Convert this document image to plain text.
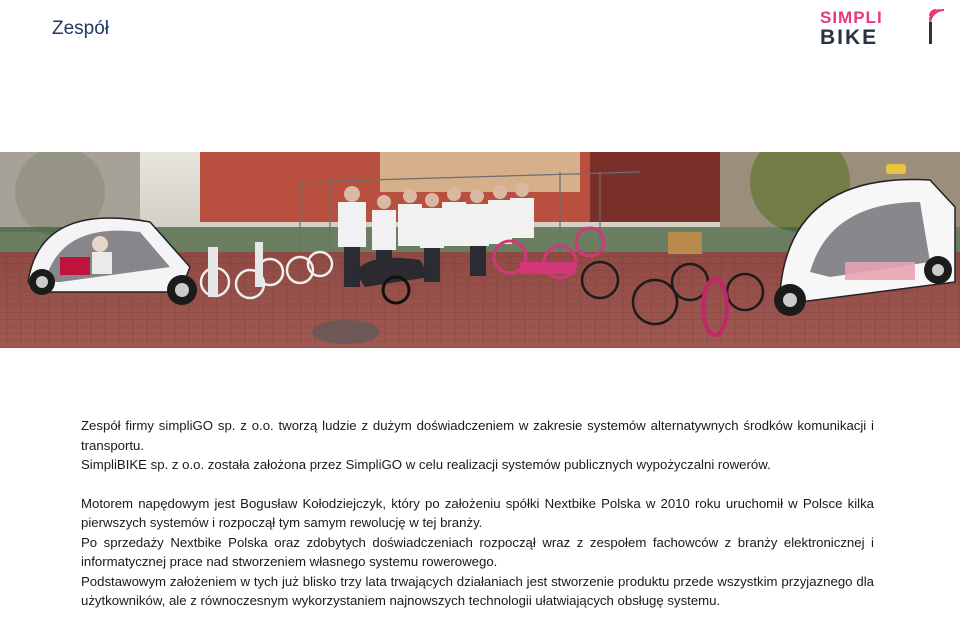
Zespół
SIMPLI
BIKE

Zespół firmy simpliGO sp. z o.o. tworzą ludzie z dużym doświadczeniem w zakresie systemów alternatywnych środków komunikacji i transportu.

SimpliBIKE sp. z o.o. została założona przez SimpliGO w celu realizacji systemów publicznych wypożyczalni rowerów.

Motorem napędowym jest Bogusław Kołodziejczyk, który po założeniu spółki Nextbike Polska w 2010 roku uruchomił w Polsce kilka pierwszych systemów i rozpoczął tym samym rewolucję w tej branży.

Po sprzedaży Nextbike Polska oraz zdobytych doświadczeniach rozpoczął wraz z zespołem fachowców z branży elektronicznej i informatycznej prace nad stworzeniem własnego systemu rowerowego.

Podstawowym założeniem w tych już blisko trzy lata trwających działaniach jest stworzenie produktu przede wszystkim przyjaznego dla użytkowników, ale z równoczesnym wykorzystaniem najnowszych technologii ułatwiających obsługę systemu.
